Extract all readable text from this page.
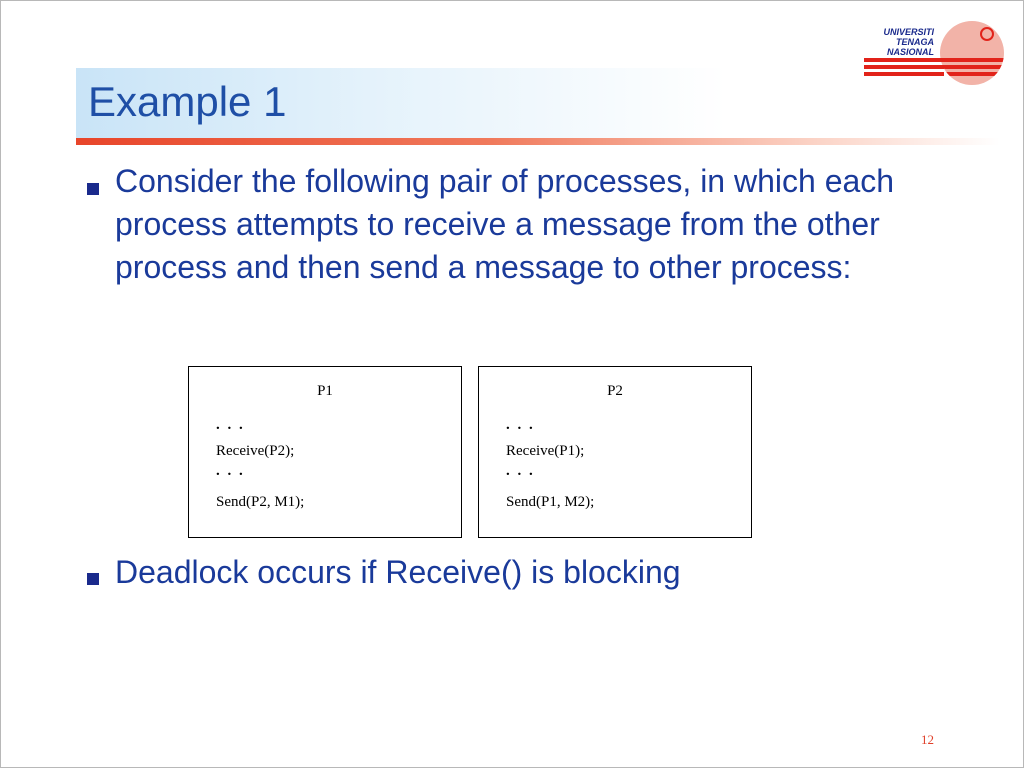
Example 1
UNIVERSITI
TENAGA
NASIONAL
Consider the following pair of processes, in which each process attempts to receive a message from the other process and then send a message to other process:
P1
. . .
Receive(P2);
. . .
Send(P2, M1);
P2
. . .
Receive(P1);
. . .
Send(P1, M2);
Deadlock occurs if Receive() is blocking
12
